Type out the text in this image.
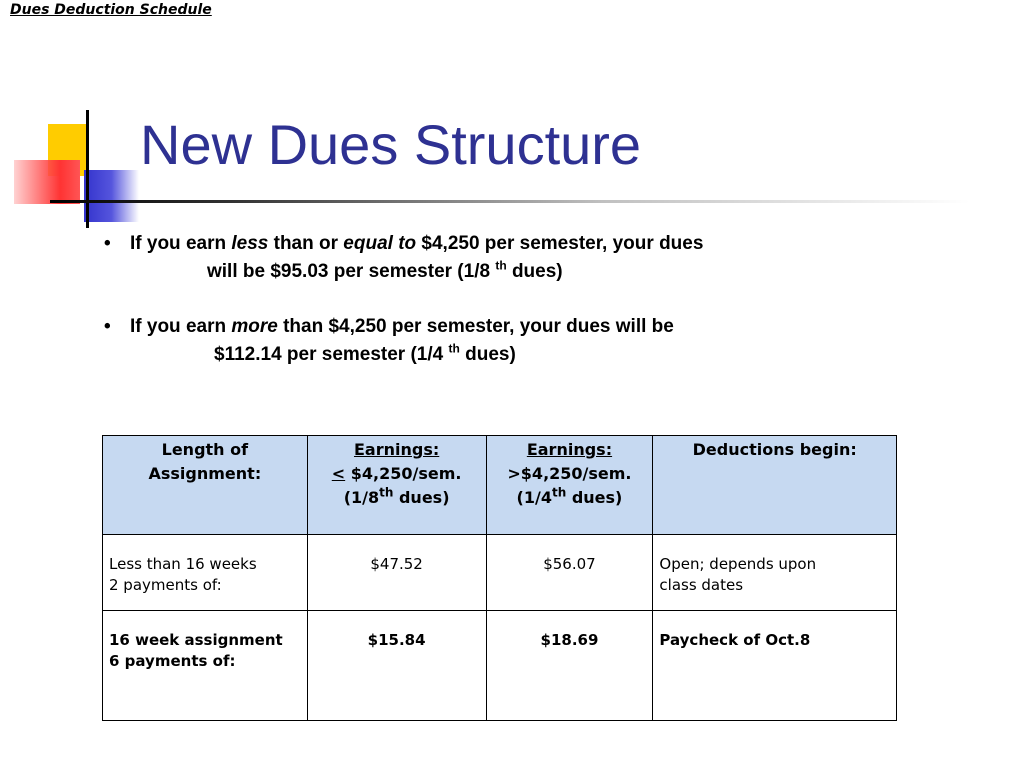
Dues Deduction Schedule
New Dues Structure
• If you earn less than or equal to $4,250 per semester, your dues
will be $95.03 per semester (1/8 $^{th}$ dues)
• If you earn more than $4,250 per semester, your dues will be
$112.14 per semester (1/4 $^{th}$ dues)
Length of
Assignment:	Earnings:
< $4,250/sem.
(1/8th dues)	Earnings:
>$4,250/sem.
(1/4th dues)	Deductions begin:
Less than 16 weeks
2 payments of:	$47.52	$56.07	Open; depends upon
class dates
16 week assignment
6 payments of:	$15.84	$18.69	Paycheck of Oct.8
